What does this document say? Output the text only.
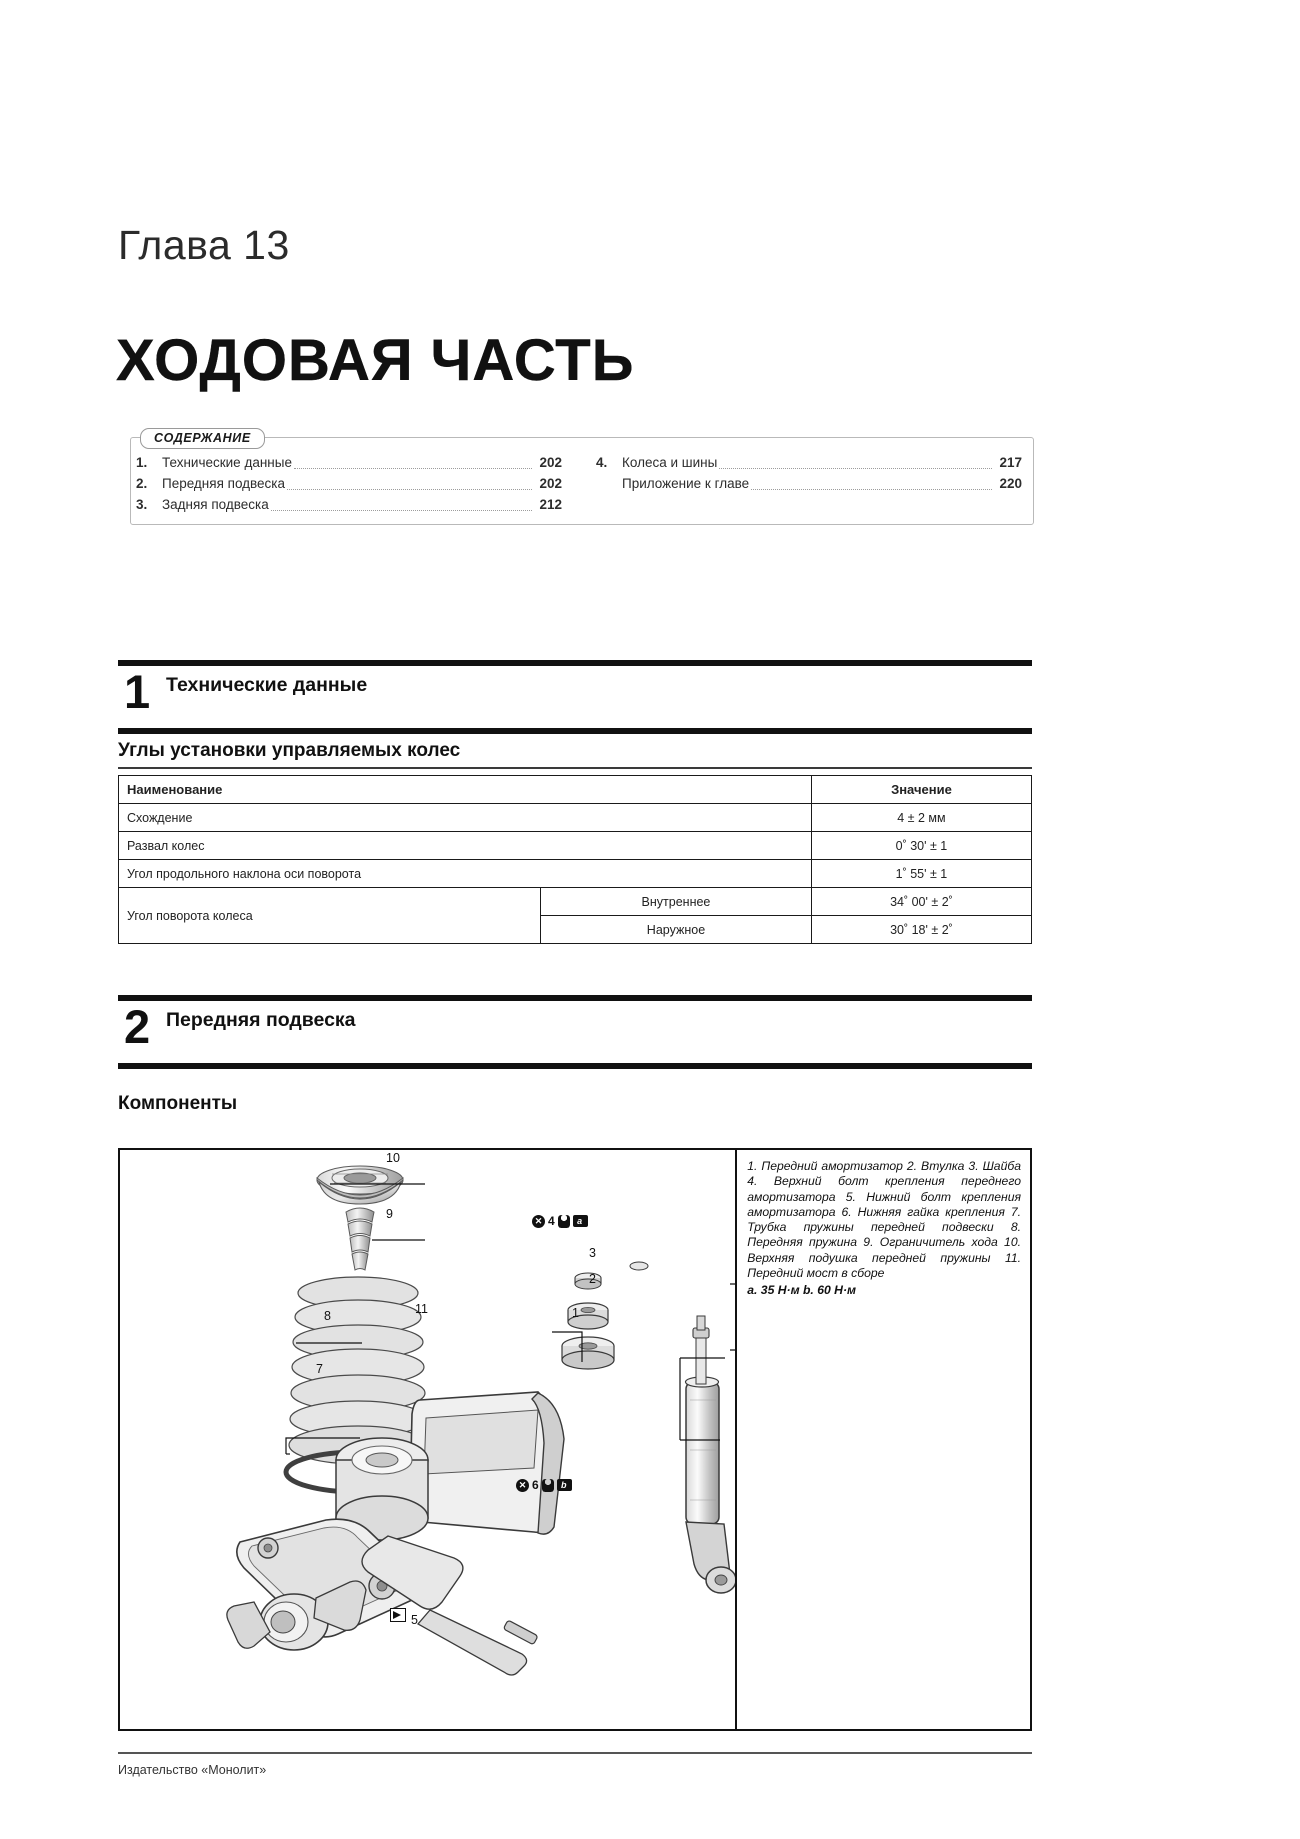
Глава 13
ХОДОВАЯ ЧАСТЬ
СОДЕРЖАНИЕ
1.	Технические данные	202
2.	Передняя подвеска	202
3.	Задняя подвеска	212
4.	Колеса и шины	217
Приложение к главе	220
1 Технические данные
Углы установки управляемых колес
Наименование		Значение
Схождение		4 ± 2 мм
Развал колес		0˚ 30' ± 1
Угол продольного наклона оси поворота		1˚ 55' ± 1
Угол поворота колеса	Внутреннее	34˚ 00' ± 2˚
	Наружное	30˚ 18' ± 2˚
2 Передняя подвеска
Компоненты
10
9
8
7
11
3
2
1
5
✕ 4	a
✕ 6	b
1. Передний амортизатор 2. Втулка 3. Шайба 4. Верхний болт крепления переднего амортизатора 5. Нижний болт крепления амортизатора 6. Нижняя гайка крепления 7. Трубка пружины передней подвески 8. Передняя пружина 9. Ограничитель хода 10. Верхняя подушка передней пружины 11. Передний мост в сборе
a. 35 Н·м b. 60 Н·м
Издательство «Монолит»
